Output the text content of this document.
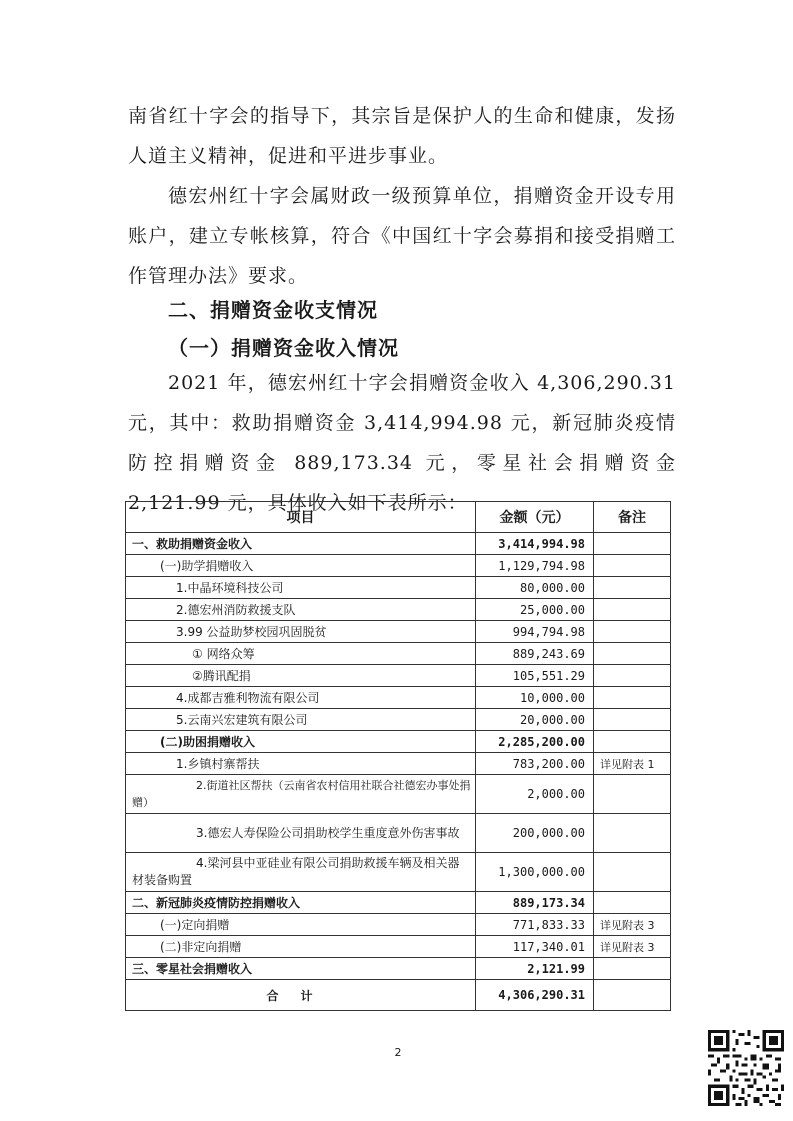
南省红十字会的指导下，其宗旨是保护人的生命和健康，发扬人道主义精神，促进和平进步事业。
德宏州红十字会属财政一级预算单位，捐赠资金开设专用账户，建立专帐核算，符合《中国红十字会募捐和接受捐赠工作管理办法》要求。
二、捐赠资金收支情况
（一）捐赠资金收入情况
2021 年，德宏州红十字会捐赠资金收入 4,306,290.31 元，其中：救助捐赠资金 3,414,994.98 元，新冠肺炎疫情防控捐赠资金 889,173.34 元，零星社会捐赠资金 2,121.99 元，具体收入如下表所示：
项目	金额（元）	备注
一、救助捐赠资金收入	3,414,994.98	
(一)助学捐赠收入	1,129,794.98	
1.中晶环境科技公司	80,000.00	
2.德宏州消防救援支队	25,000.00	
3.99 公益助梦校园巩固脱贫	994,794.98	
① 网络众筹	889,243.69	
②腾讯配捐	105,551.29	
4.成都吉雅利物流有限公司	10,000.00	
5.云南兴宏建筑有限公司	20,000.00	
(二)助困捐赠收入	2,285,200.00	
1.乡镇村寨帮扶	783,200.00	详见附表 1
2.街道社区帮扶（云南省农村信用社联合社德宏办事处捐赠）	2,000.00	
3.德宏人寿保险公司捐助校学生重度意外伤害事故	200,000.00	
4.梁河县中亚硅业有限公司捐助救援车辆及相关器材装备购置	1,300,000.00	
二、新冠肺炎疫情防控捐赠收入	889,173.34	
(一)定向捐赠	771,833.33	详见附表 3
(二)非定向捐赠	117,340.01	详见附表 3
三、零星社会捐赠收入	2,121.99	
合计	4,306,290.31	
2
